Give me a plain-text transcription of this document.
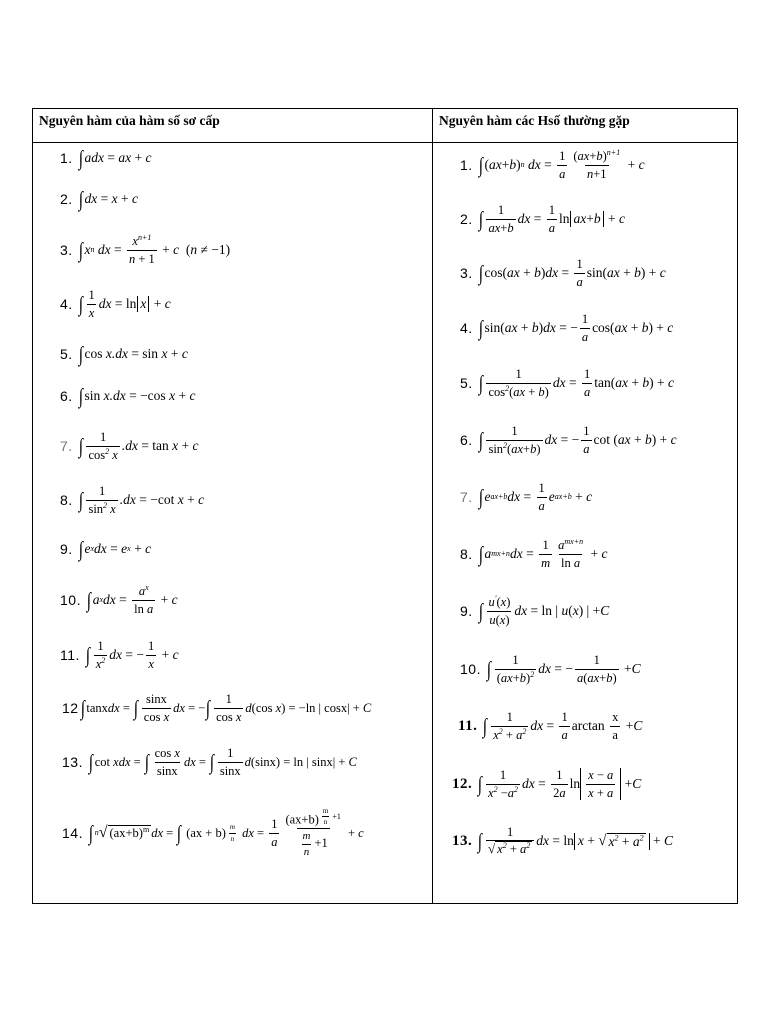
Nguyên hàm của hàm số sơ cấp	Nguyên hàm các Hsố thường gặp
1. ∫ adx = ax + c
2. ∫ dx = x + c
3. ∫ x n dx = $\frac{x^{n+1}}{n + 1} + c$ ( n ≠ −1)
4. ∫ $\frac{1}{x}$ dx = ln x + c
5. ∫ cos x.dx = sin x + c
6. ∫ sin x.dx = −cos x + c
7. ∫ $\frac{1}{\cos^2 x} .dx = \tan x + c$
8. ∫ $\frac{1}{\sin^2 x} .dx = -\cot$ x + c
9. ∫ e x dx = e x + c
10. ∫ a x dx = $\frac{a^x}{\text{ln a}} + c$
11. ∫ $\frac{1}{x^2}$ dx = − $\frac{1}{x} + c$
12 ∫ tanx dx = ∫ $\frac{\sin x}{\text{cos x}}$ dx = − ∫ $\frac{1}{\text{cos x}}$ d (cos x ) = −ln | cosx| + C
13. ∫ cot xdx = ∫ $\frac{\text{cos x}}{\sin x}$ dx = ∫ $\frac{1}{\sin x}$ d (sinx) = ln | sinx| + C
14. ∫ n √ $(ax+b)^m$ dx = ∫ $(ax + b) \frac{m}{n}$ dx = $\frac{1}{a} (ax+b)$ $^{\frac{m}{n} +1}$
$\frac{m}{n} +1 + c$
1. ∫ ( ax + b ) n dx = $\frac{1}{a} \frac{(ax+b)^{n+1}}{n+1} + c$
2. ∫ $\frac{1}{ax+b}$ dx = $\frac{1}{a}$ ln ax+b + c
3. ∫ cos( ax + b ) dx = $\frac{1}{a} \sin$( ax + b ) + c
4. ∫ sin( ax + b ) dx = − $\frac{1}{a} \cos$( ax + b ) + c
5. ∫ $\frac{1}{\cos^2(ax + b)}$ dx = $\frac{1}{a} \tan$( ax + b ) + c
6. ∫ $\frac{1}{\sin^2(ax+b)}$ dx = − $\frac{1}{a}$ cot ( ax + b ) + c
7. ∫ e ax+b dx = $\frac{1}{a}$ e ax+b + c
8. ∫ a mx+n dx = $\frac{1}{m} \frac{a^{mx+n}}{\text{ln a}} + c$
9. ∫ $\frac{u'(x)}{u(x)}$ dx = ln | u ( x ) | + C
10. ∫ $\frac{1}{(ax+b)^2}$ dx = − $\frac{1}{a(ax+b)} + C$
11. ∫ $\frac{1}{x^2 + a^2}$ dx = $\frac{1}{a}$ $\arctan \frac{x}{a} + C$
12. ∫ $\frac{1}{x^2 -a^2}$ dx = $\frac{1}{2a}$ $\ln \frac{x - a}{x + a} + C$
13. ∫ $\frac{1}{√ x^2 + a^2}$ dx = ln x + √ $x^2 + a^2 + C$
